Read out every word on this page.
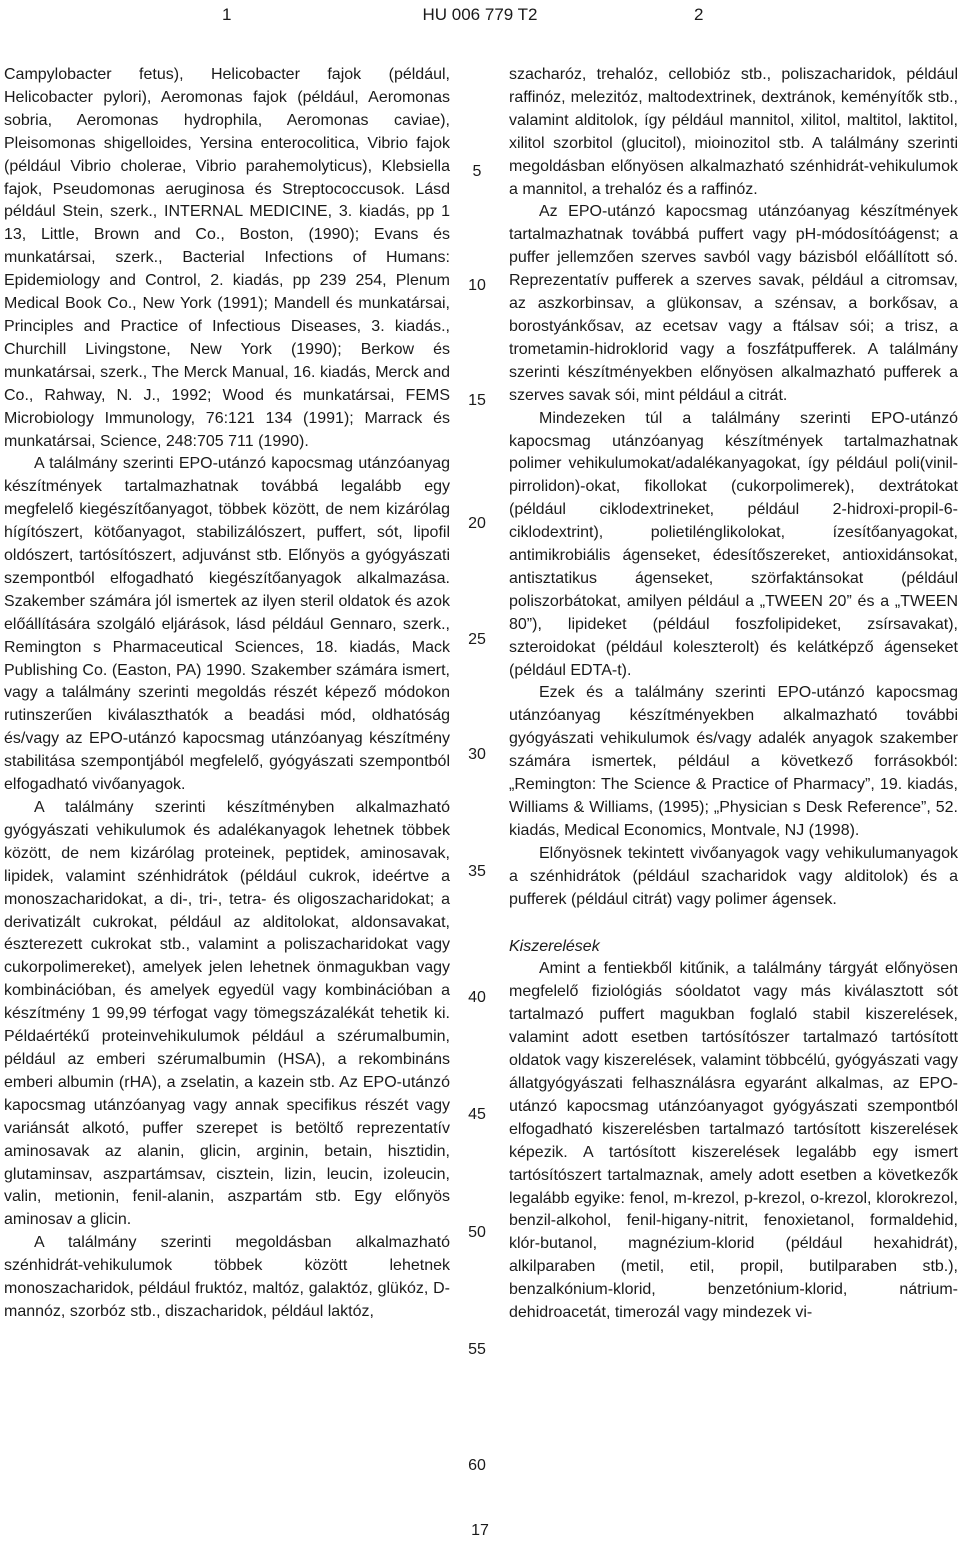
1	HU 006 779 T2	2

Campylobacter fetus), Helicobacter fajok (például, Helicobacter pylori), Aeromonas fajok (például, Aeromonas sobria, Aeromonas hydrophila, Aeromonas caviae), Pleisomonas shigelloides, Yersina enterocolitica, Vibrio fajok (például Vibrio cholerae, Vibrio parahemolyticus), Klebsiella fajok, Pseudomonas aeruginosa és Streptococcusok. Lásd például Stein, szerk., INTERNAL MEDICINE, 3. kiadás, pp 1 13, Little, Brown and Co., Boston, (1990); Evans és munkatársai, szerk., Bacterial Infections of Humans: Epidemiology and Control, 2. kiadás, pp 239 254, Plenum Medical Book Co., New York (1991); Mandell és munkatársai, Principles and Practice of Infectious Diseases, 3. kiadás., Churchill Livingstone, New York (1990); Berkow és munkatársai, szerk., The Merck Manual, 16. kiadás, Merck and Co., Rahway, N. J., 1992; Wood és munkatársai, FEMS Microbiology Immunology, 76:121 134 (1991); Marrack és munkatársai, Science, 248:705 711 (1990).

A találmány szerinti EPO-utánzó kapocsmag utánzóanyag készítmények tartalmazhatnak továbbá legalább egy megfelelő kiegészítőanyagot, többek között, de nem kizárólag hígítószert, kötőanyagot, stabilizálószert, puffert, sót, lipofil oldószert, tartósítószert, adjuvánst stb. Előnyös a gyógyászati szempontból elfogadható kiegészítőanyagok alkalmazása. Szakember számára jól ismertek az ilyen steril oldatok és azok előállítására szolgáló eljárások, lásd például Gennaro, szerk., Remington s Pharmaceutical Sciences, 18. kiadás, Mack Publishing Co. (Easton, PA) 1990. Szakember számára ismert, vagy a találmány szerinti megoldás részét képező módokon rutinszerűen kiválaszthatók a beadási mód, oldhatóság és/vagy az EPO-utánzó kapocsmag utánzóanyag készítmény stabilitása szempontjából megfelelő, gyógyászati szempontból elfogadható vivőanyagok.

A találmány szerinti készítményben alkalmazható gyógyászati vehikulumok és adalékanyagok lehetnek többek között, de nem kizárólag proteinek, peptidek, aminosavak, lipidek, valamint szénhidrátok (például cukrok, ideértve a monoszacharidokat, a di-, tri-, tetra- és oligoszacharidokat; a derivatizált cukrokat, például az alditolokat, aldonsavakat, észterezett cukrokat stb., valamint a poliszacharidokat vagy cukorpolimereket), amelyek jelen lehetnek önmagukban vagy kombinációban, és amelyek egyedül vagy kombinációban a készítmény 1 99,99 térfogat vagy tömegszázalékát tehetik ki. Példaértékű proteinvehikulumok például a szérumalbumin, például az emberi szérumalbumin (HSA), a rekombináns emberi albumin (rHA), a zselatin, a kazein stb. Az EPO-utánzó kapocsmag utánzóanyag vagy annak specifikus részét vagy variánsát alkotó, puffer szerepet is betöltő reprezentatív aminosavak az alanin, glicin, arginin, betain, hisztidin, glutaminsav, aszpartámsav, cisztein, lizin, leucin, izoleucin, valin, metionin, fenil-alanin, aszpartám stb. Egy előnyös aminosav a glicin.

A találmány szerinti megoldásban alkalmazható szénhidrát-vehikulumok többek között lehetnek monoszacharidok, például fruktóz, maltóz, galaktóz, glükóz, D-mannóz, szorbóz stb., diszacharidok, például laktóz,

szacharóz, trehalóz, cellobióz stb., poliszacharidok, például raffinóz, melezitóz, maltodextrinek, dextránok, keményítők stb., valamint alditolok, így például mannitol, xilitol, maltitol, laktitol, xilitol szorbitol (glucitol), mioinozitol stb. A találmány szerinti megoldásban előnyösen alkalmazható szénhidrát-vehikulumok a mannitol, a trehalóz és a raffinóz.

Az EPO-utánzó kapocsmag utánzóanyag készítmények tartalmazhatnak továbbá puffert vagy pH-módosítóágenst; a puffer jellemzően szerves savból vagy bázisból előállított só. Reprezentatív pufferek a szerves savak, például a citromsav, az aszkorbinsav, a glükonsav, a szénsav, a borkősav, a borostyánkősav, az ecetsav vagy a ftálsav sói; a trisz, a trometamin-hidroklorid vagy a foszfátpufferek. A találmány szerinti készítményekben előnyösen alkalmazható pufferek a szerves savak sói, mint például a citrát.

Mindezeken túl a találmány szerinti EPO-utánzó kapocsmag utánzóanyag készítmények tartalmazhatnak polimer vehikulumokat/adalékanyagokat, így például poli(vinil-pirrolidon)-okat, fikollokat (cukorpolimerek), dextrátokat (például ciklodextrineket, például 2-hidroxi-propil-6-ciklodextrint), polietilénglikolokat, ízesítőanyagokat, antimikrobiális ágenseket, édesítőszereket, antioxidánsokat, antisztatikus ágenseket, szörfaktánsokat (például poliszorbátokat, amilyen például a „TWEEN 20” és a „TWEEN 80”), lipideket (például foszfolipideket, zsírsavakat), szteroidokat (például koleszterolt) és kelátképző ágenseket (például EDTA-t).

Ezek és a találmány szerinti EPO-utánzó kapocsmag utánzóanyag készítményekben alkalmazható további gyógyászati vehikulumok és/vagy adalék anyagok szakember számára ismertek, például a következő forrásokból: „Remington: The Science & Practice of Pharmacy”, 19. kiadás, Williams & Williams, (1995); „Physician s Desk Reference”, 52. kiadás, Medical Economics, Montvale, NJ (1998).

Előnyösnek tekintett vivőanyagok vagy vehikulumanyagok a szénhidrátok (például szacharidok vagy alditolok) és a pufferek (például citrát) vagy polimer ágensek.

Kiszerelések

Amint a fentiekből kitűnik, a találmány tárgyát előnyösen megfelelő fiziológiás sóoldatot vagy más kiválasztott sót tartalmazó puffert magukban foglaló stabil kiszerelések, valamint adott esetben tartósítószer tartalmazó tartósított oldatok vagy kiszerelések, valamint többcélú, gyógyászati vagy állatgyógyászati felhasználásra egyaránt alkalmas, az EPO-utánzó kapocsmag utánzóanyagot gyógyászati szempontból elfogadható kiszerelésben tartalmazó tartósított kiszerelések képezik. A tartósított kiszerelések legalább egy ismert tartósítószert tartalmaznak, amely adott esetben a következők legalább egyike: fenol, m-krezol, p-krezol, o-krezol, klorokrezol, benzil-alkohol, fenil-higany-nitrit, fenoxietanol, formaldehid, klór-butanol, magnézium-klorid (például hexahidrát), alkilparaben (metil, etil, propil, butilparaben stb.), benzalkónium-klorid, benzetónium-klorid, nátrium-dehidroacetát, timerozál vagy mindezek vi-

5
10
15
20
25
30
35
40
45
50
55
60
17
